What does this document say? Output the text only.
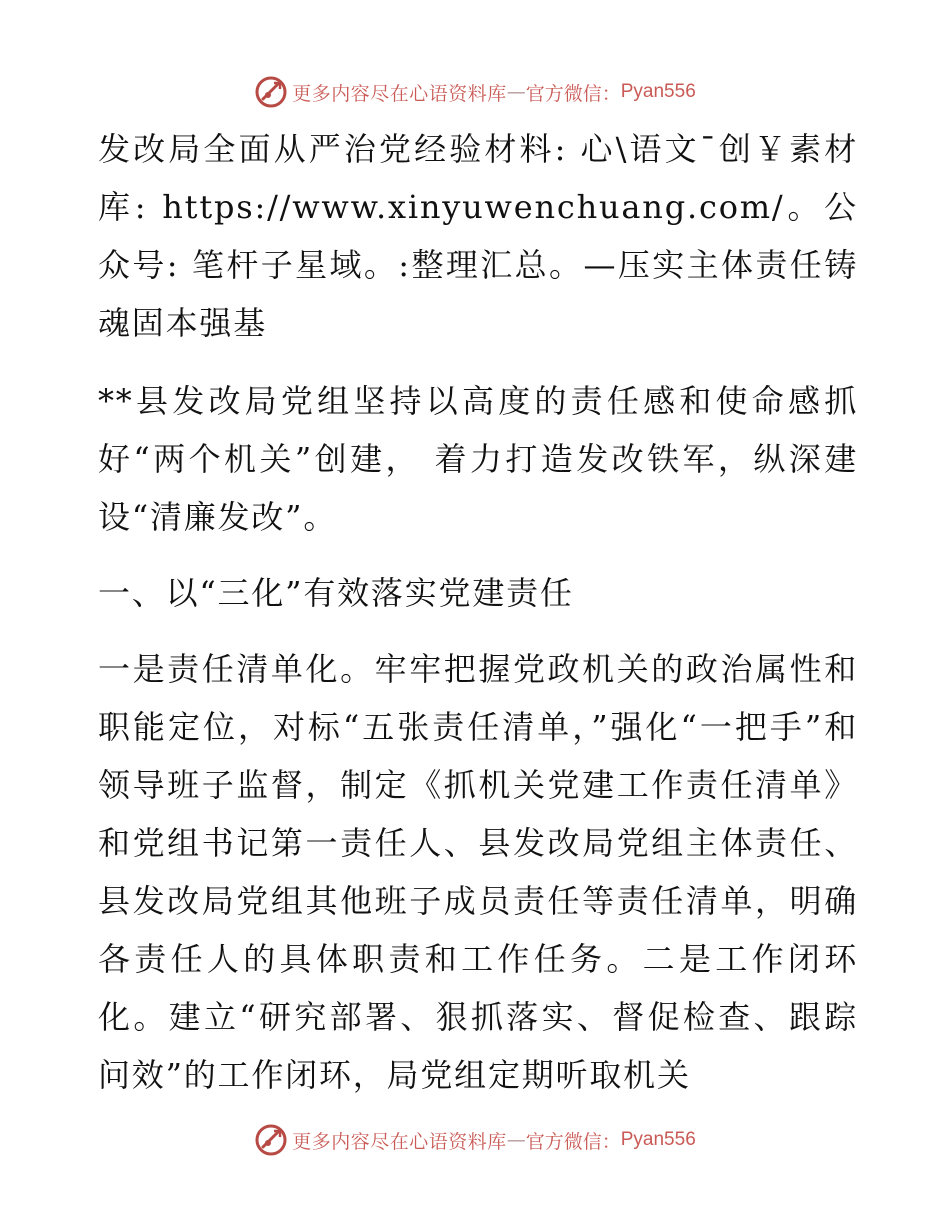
更多内容尽在心语资料库 — 官方微信： Pyan556

发改局全面从严治党经验材料: 心\语文¯创￥素材库: https://www.xinyuwenchuang.com/。公众号: 笔杆子星域。:整理汇总。—压实主体责任铸魂固本强基

**县发改局党组坚持以高度的责任感和使命感抓好“两个机关”创建， 着力打造发改铁军，纵深建设“清廉发改”。

一、以“三化”有效落实党建责任

一是责任清单化。牢牢把握党政机关的政治属性和职能定位，对标“五张责任清单，”强化“一把手”和领导班子监督，制定《抓机关党建工作责任清单》和党组书记第一责任人、县发改局党组主体责任、县发改局党组其他班子成员责任等责任清单，明确各责任人的具体职责和工作任务。二是工作闭环化。建立“研究部署、狠抓落实、督促检查、跟踪问效”的工作闭环，局党组定期听取机关

更多内容尽在心语资料库 — 官方微信： Pyan556
